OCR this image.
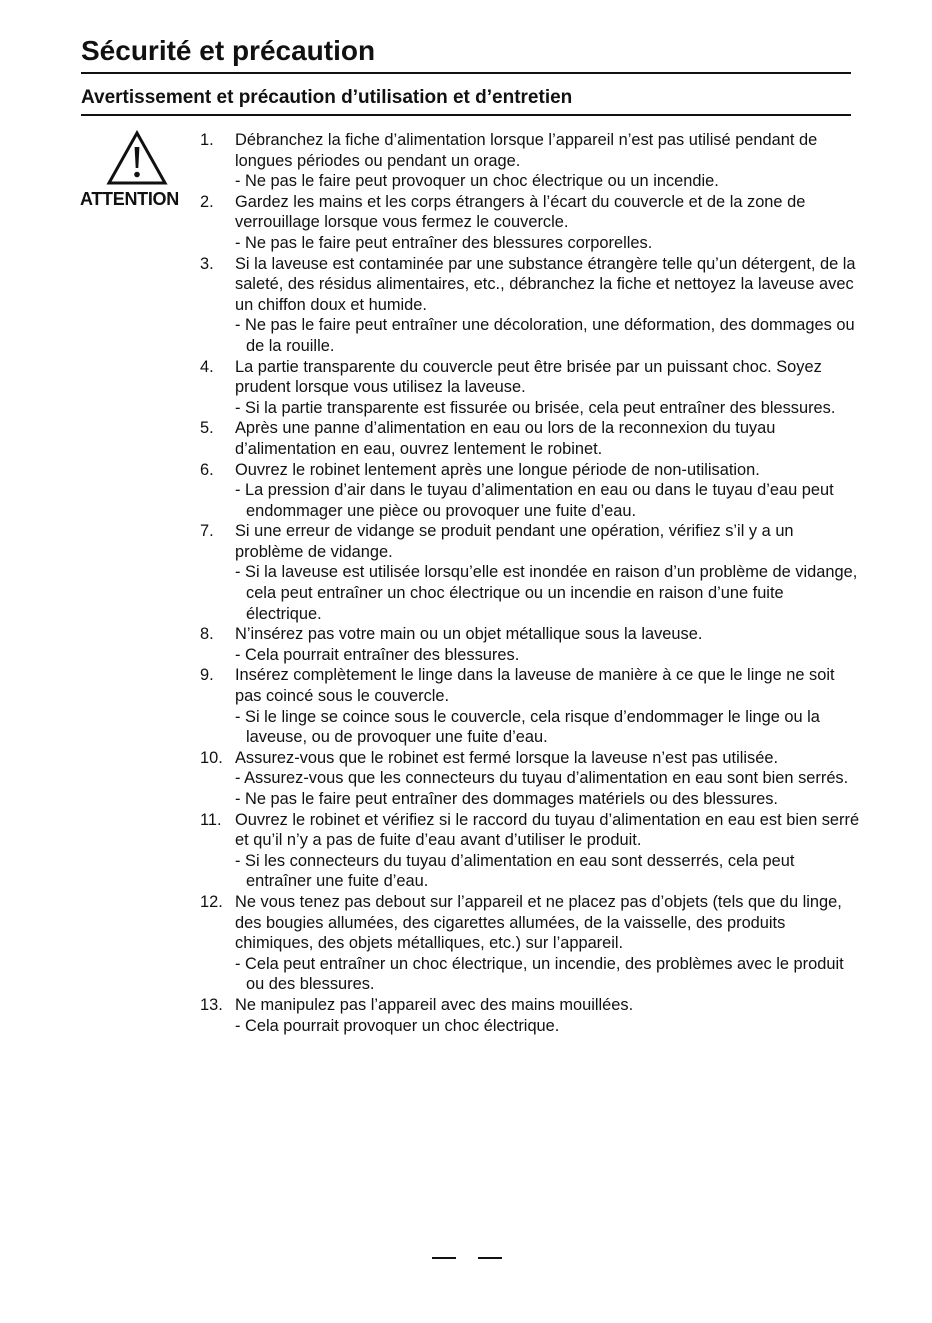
Sécurité et précaution
Avertissement et précaution d’utilisation et d’entretien
ATTENTION
1. Débranchez la fiche d’alimentation lorsque l’appareil n’est pas utilisé pendant de longues périodes ou pendant un orage.

- Ne pas le faire peut provoquer un choc électrique ou un incendie.

2. Gardez les mains et les corps étrangers à l’écart du couvercle et de la zone de verrouillage lorsque vous fermez le couvercle.

- Ne pas le faire peut entraîner des blessures corporelles.

3. Si la laveuse est contaminée par une substance étrangère telle qu’un détergent, de la saleté, des résidus alimentaires, etc., débranchez la fiche et nettoyez la laveuse avec un chiffon doux et humide.

- Ne pas le faire peut entraîner une décoloration, une déformation, des dommages ou de la rouille.

4. La partie transparente du couvercle peut être brisée par un puissant choc. Soyez prudent lorsque vous utilisez la laveuse.

- Si la partie transparente est fissurée ou brisée, cela peut entraîner des blessures.

5. Après une panne d’alimentation en eau ou lors de la reconnexion du tuyau d’alimentation en eau, ouvrez lentement le robinet.

6. Ouvrez le robinet lentement après une longue période de non-utilisation.

- La pression d’air dans le tuyau d’alimentation en eau ou dans le tuyau d’eau peut endommager une pièce ou provoquer une fuite d’eau.

7. Si une erreur de vidange se produit pendant une opération, vérifiez s’il y a un problème de vidange.

- Si la laveuse est utilisée lorsqu’elle est inondée en raison d’un problème de vidange, cela peut entraîner un choc électrique ou un incendie en raison d’une fuite électrique.

8. N’insérez pas votre main ou un objet métallique sous la laveuse.

- Cela pourrait entraîner des blessures.

9. Insérez complètement le linge dans la laveuse de manière à ce que le linge ne soit pas coincé sous le couvercle.

- Si le linge se coince sous le couvercle, cela risque d’endommager le linge ou la laveuse, ou de provoquer une fuite d’eau.

10. Assurez-vous que le robinet est fermé lorsque la laveuse n’est pas utilisée.

- Assurez-vous que les connecteurs du tuyau d’alimentation en eau sont bien serrés.

- Ne pas le faire peut entraîner des dommages matériels ou des blessures.

11. Ouvrez le robinet et vérifiez si le raccord du tuyau d’alimentation en eau est bien serré et qu’il n’y a pas de fuite d’eau avant d’utiliser le produit.

- Si les connecteurs du tuyau d’alimentation en eau sont desserrés, cela peut entraîner une fuite d’eau.

12. Ne vous tenez pas debout sur l’appareil et ne placez pas d’objets (tels que du linge, des bougies allumées, des cigarettes allumées, de la vaisselle, des produits chimiques, des objets métalliques, etc.) sur l’appareil.

- Cela peut entraîner un choc électrique, un incendie, des problèmes avec le produit ou des blessures.

13. Ne manipulez pas l’appareil avec des mains mouillées.

- Cela pourrait provoquer un choc électrique.
